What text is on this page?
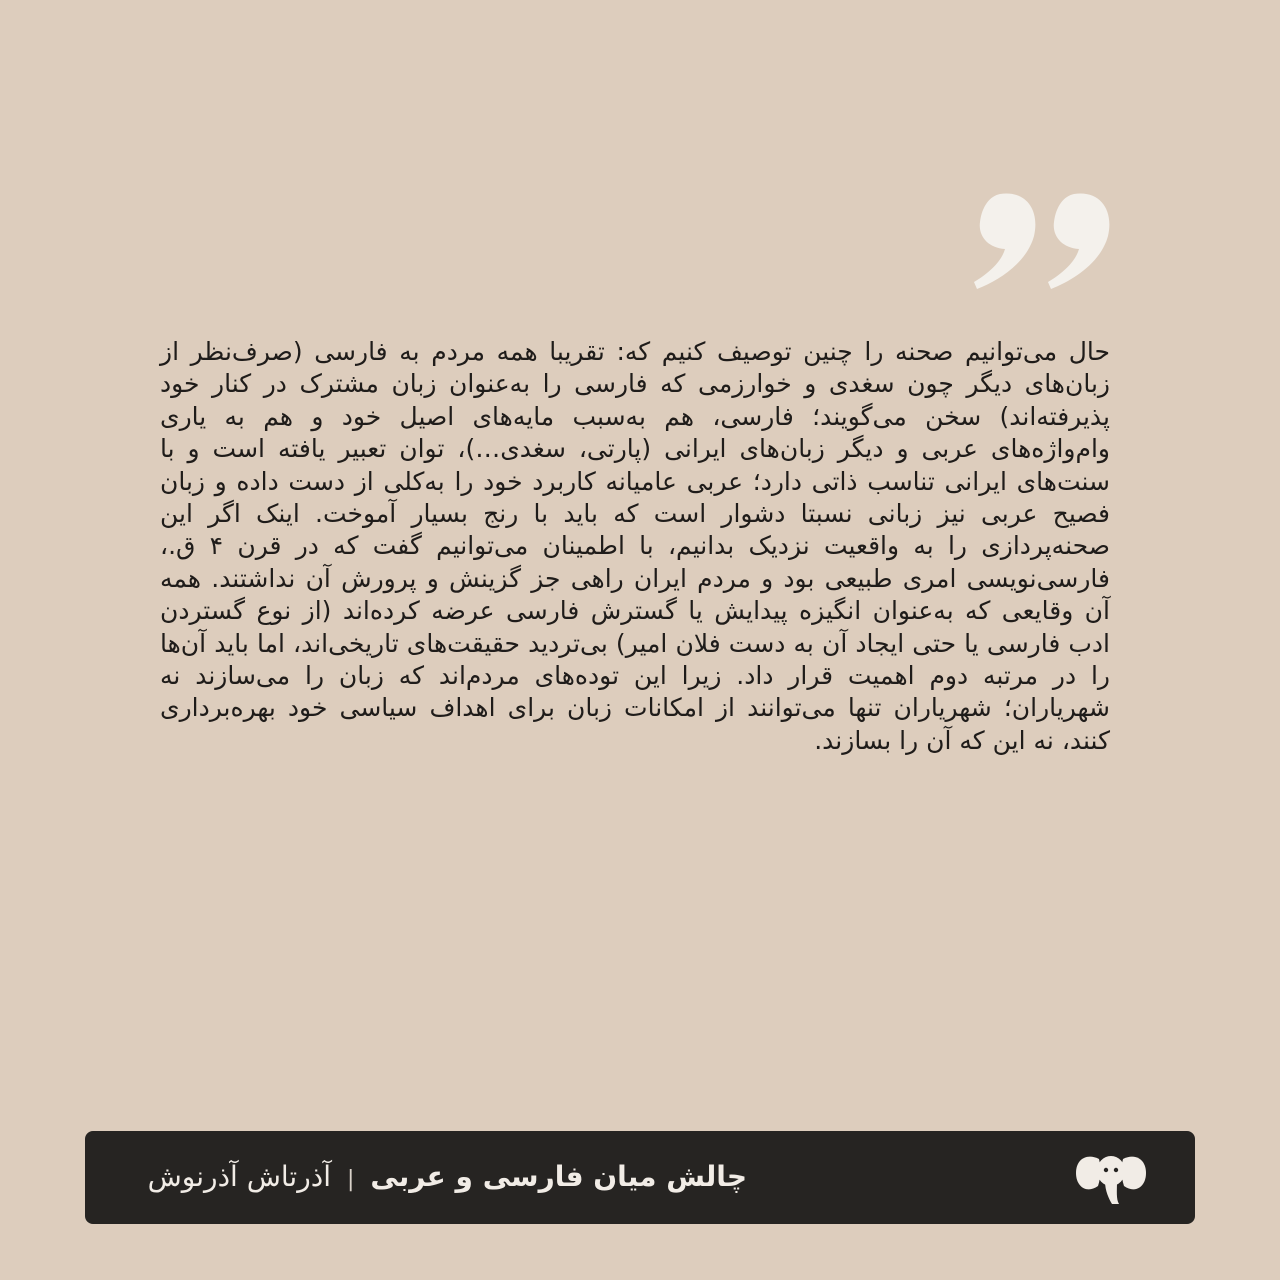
حال می‌توانیم صحنه را چنین توصیف کنیم که: تقریبا همه مردم به فارسی (صرف‌نظر از زبان‌های دیگر چون سغدی و خوارزمی که فارسی را به‌عنوان زبان مشترک در کنار خود پذیرفته‌اند) سخن می‌گویند؛ فارسی، هم به‌سبب مایه‌های اصیل خود و هم به یاری وام‌واژه‌های عربی و دیگر زبان‌های ایرانی (پارتی، سغدی…)، توان تعبیر یافته است و با سنت‌های ایرانی تناسب ذاتی دارد؛ عربی عامیانه کاربرد خود را به‌کلی از دست داده و زبان فصیح عربی نیز زبانی نسبتا دشوار است که باید با رنج بسیار آموخت. اینک اگر این صحنه‌پردازی را به واقعیت نزدیک بدانیم، با اطمینان می‌توانیم گفت که در قرن ۴ ق.، فارسی‌نویسی امری طبیعی بود و مردم ایران راهی جز گزینش و پرورش آن نداشتند. همه آن وقایعی که به‌عنوان انگیزه پیدایش یا گسترش فارسی عرضه کرده‌اند (از نوع گستردن ادب فارسی یا حتی ایجاد آن به دست فلان امیر) بی‌تردید حقیقت‌های تاریخی‌اند، اما باید آن‌ها را در مرتبه دوم اهمیت قرار داد. زیرا این توده‌های مردم‌اند که زبان را می‌سازند نه شهریاران؛ شهریاران تنها می‌توانند از امکانات زبان برای اهداف سیاسی خود بهره‌برداری کنند، نه این که آن را بسازند.
چالش میان فارسی و عربی|آذرتاش آذرنوش
